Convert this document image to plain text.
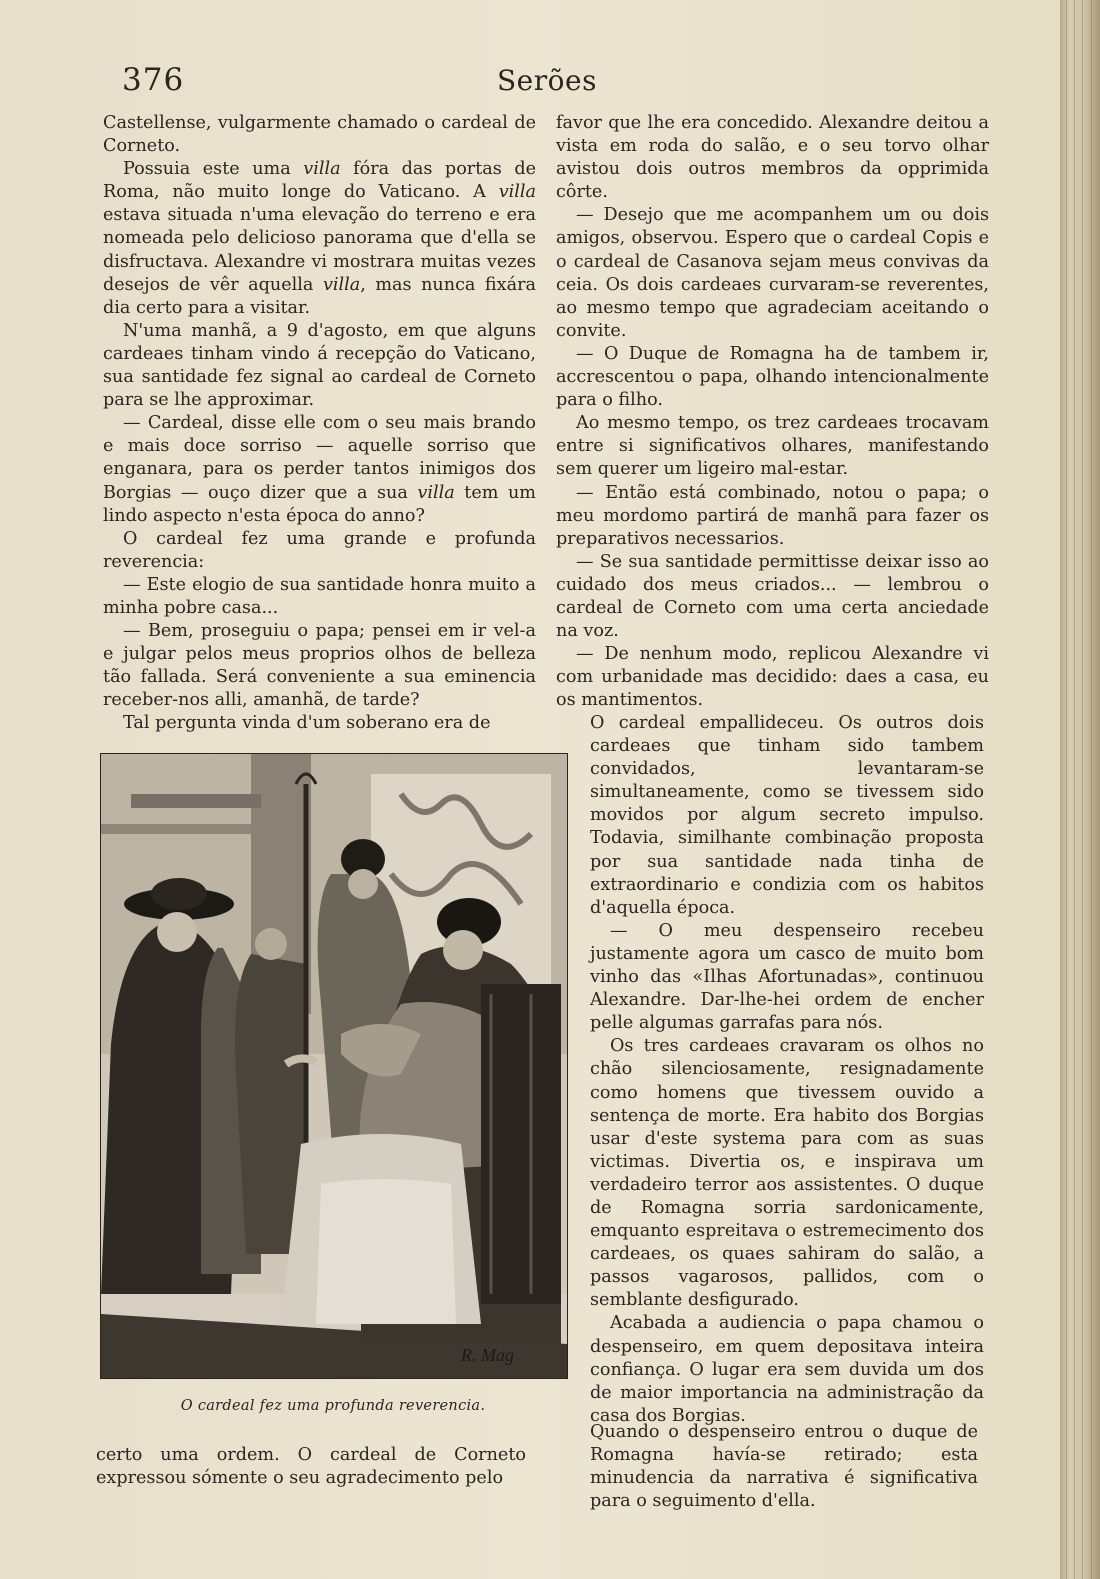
376	Serões

Castellense, vulgarmente chamado o cardeal de Corneto.

Possuia este uma villa fóra das portas de Roma, não muito longe do Vaticano. A villa estava situada n'uma elevação do terreno e era nomeada pelo delicioso panorama que d'ella se disfructava. Alexandre vi mostrara muitas vezes desejos de vêr aquella villa, mas nunca fixára dia certo para a visitar.

N'uma manhã, a 9 d'agosto, em que alguns cardeaes tinham vindo á recepção do Vaticano, sua santidade fez signal ao cardeal de Corneto para se lhe approximar.

— Cardeal, disse elle com o seu mais brando e mais doce sorriso — aquelle sorriso que enganara, para os perder tantos inimigos dos Borgias — ouço dizer que a sua villa tem um lindo aspecto n'esta época do anno?

O cardeal fez uma grande e profunda reverencia:

— Este elogio de sua santidade honra muito a minha pobre casa...

— Bem, proseguiu o papa; pensei em ir vel-a e julgar pelos meus proprios olhos de belleza tão fallada. Será conveniente a sua eminencia receber-nos alli, amanhã, de tarde?

Tal pergunta vinda d'um soberano era de

favor que lhe era concedido. Alexandre deitou a vista em roda do salão, e o seu torvo olhar avistou dois outros membros da opprimida côrte.

— Desejo que me acompanhem um ou dois amigos, observou. Espero que o cardeal Copis e o cardeal de Casanova sejam meus convivas da ceia. Os dois cardeaes curvaram-se reverentes, ao mesmo tempo que agradeciam aceitando o convite.

— O Duque de Romagna ha de tambem ir, accrescentou o papa, olhando intencionalmente para o filho.

Ao mesmo tempo, os trez cardeaes trocavam entre si significativos olhares, manifestando sem querer um ligeiro mal-estar.

— Então está combinado, notou o papa; o meu mordomo partirá de manhã para fazer os preparativos necessarios.

— Se sua santidade permittisse deixar isso ao cuidado dos meus criados... — lembrou o cardeal de Corneto com uma certa anciedade na voz.

— De nenhum modo, replicou Alexandre vi com urbanidade mas decidido: daes a casa, eu os mantimentos.

R. Mag
O cardeal fez uma profunda reverencia.

O cardeal empallideceu. Os outros dois cardeaes que tinham sido tambem convidados, levantaram-se simultaneamente, como se tivessem sido movidos por algum secreto impulso. Todavia, similhante combinação proposta por sua santidade nada tinha de extraordinario e condizia com os habitos d'aquella época.

— O meu despenseiro recebeu justamente agora um casco de muito bom vinho das «Ilhas Afortunadas», continuou Alexandre. Dar-lhe-hei ordem de encher pelle algumas garrafas para nós.

Os tres cardeaes cravaram os olhos no chão silenciosamente, resignadamente como homens que tivessem ouvido a sentença de morte. Era habito dos Borgias usar d'este systema para com as suas victimas. Divertia os, e inspirava um verdadeiro terror aos assistentes. O duque de Romagna sorria sardonicamente, emquanto espreitava o estremecimento dos cardeaes, os quaes sahiram do salão, a passos vagarosos, pallidos, com o semblante desfigurado.

Acabada a audiencia o papa chamou o despenseiro, em quem depositava inteira confiança. O lugar era sem duvida um dos de maior importancia na administração da casa dos Borgias.

certo uma ordem. O cardeal de Corneto expressou sómente o seu agradecimento pelo

Quando o despenseiro entrou o duque de Romagna havía-se retirado; esta minudencia da narrativa é significativa para o seguimento d'ella.
